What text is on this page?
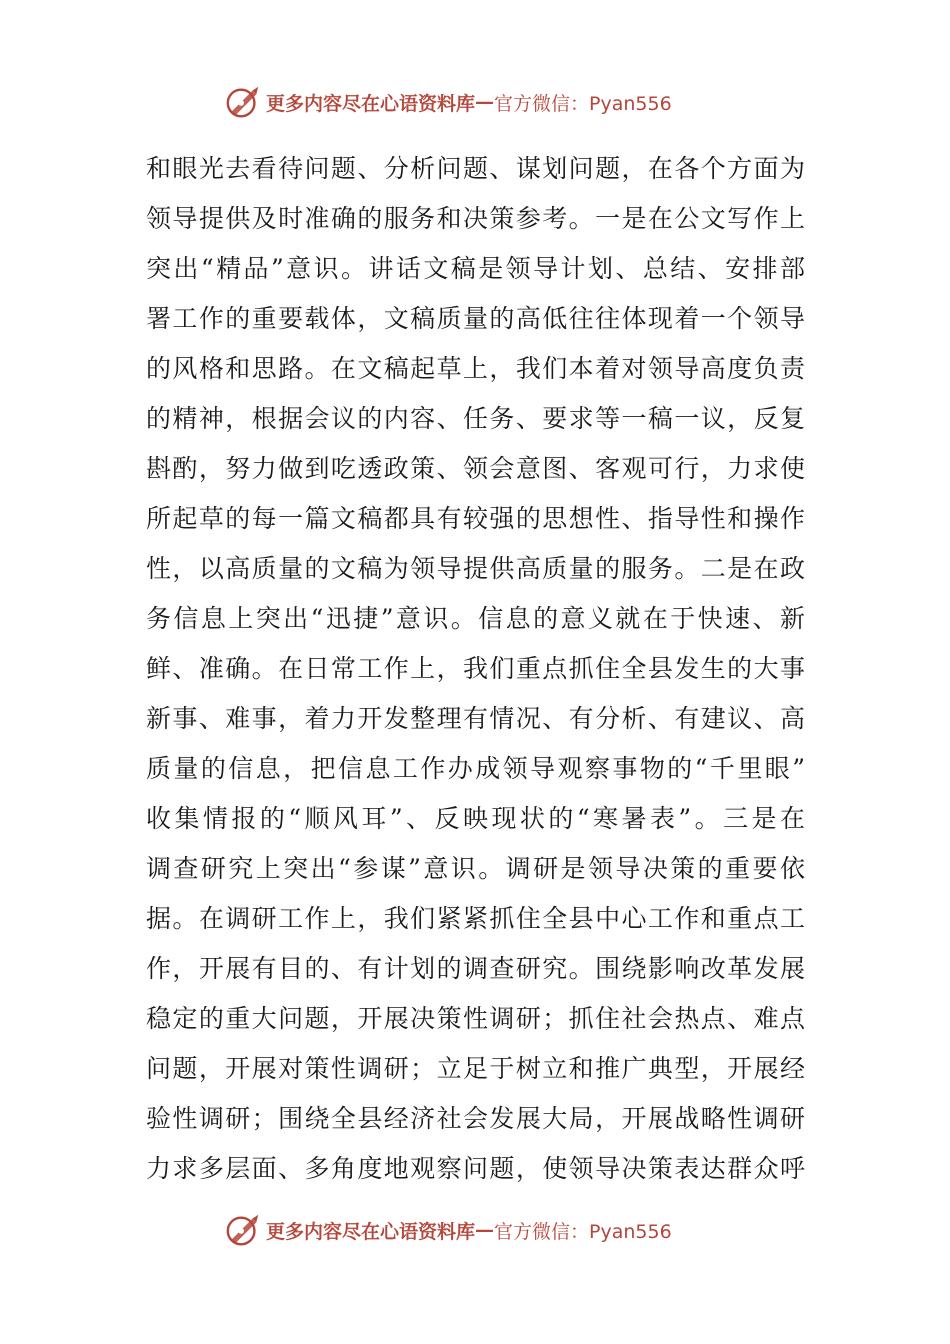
更多内容尽在心语资料库 — 官方微信：Pyan556
和眼光去看待问题、分析问题、谋划问题，在各个方面为
领导提供及时准确的服务和决策参考。一是在公文写作上
突出“精品”意识。讲话文稿是领导计划、总结、安排部
署工作的重要载体，文稿质量的高低往往体现着一个领导
的风格和思路。在文稿起草上，我们本着对领导高度负责
的精神，根据会议的内容、任务、要求等一稿一议，反复
斟酌，努力做到吃透政策、领会意图、客观可行，力求使
所起草的每一篇文稿都具有较强的思想性、指导性和操作
性，以高质量的文稿为领导提供高质量的服务。二是在政
务信息上突出“迅捷”意识。信息的意义就在于快速、新
鲜、准确。在日常工作上，我们重点抓住全县发生的大事
新事、难事，着力开发整理有情况、有分析、有建议、高
质量的信息，把信息工作办成领导观察事物的“千里眼”
收集情报的“顺风耳”、反映现状的“寒暑表”。三是在
调查研究上突出“参谋”意识。调研是领导决策的重要依
据。在调研工作上，我们紧紧抓住全县中心工作和重点工
作，开展有目的、有计划的调查研究。围绕影响改革发展
稳定的重大问题，开展决策性调研；抓住社会热点、难点
问题，开展对策性调研；立足于树立和推广典型，开展经
验性调研；围绕全县经济社会发展大局，开展战略性调研
力求多层面、多角度地观察问题，使领导决策表达群众呼
更多内容尽在心语资料库 — 官方微信：Pyan556
